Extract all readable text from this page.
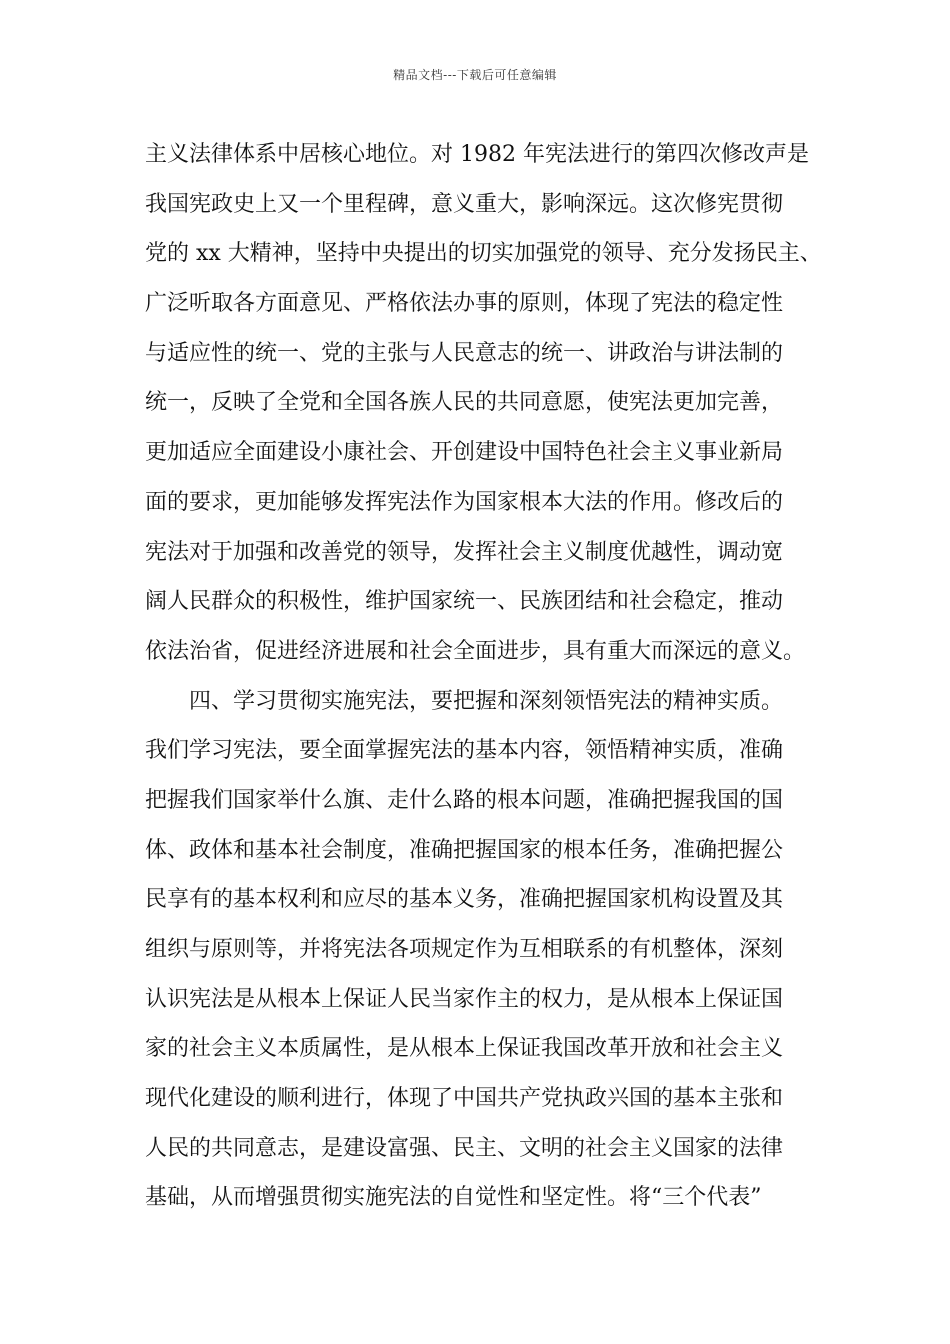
精品文档---下载后可任意编辑
主义法律体系中居核心地位。对 1982 年宪法进行的第四次修改声是
我国宪政史上又一个里程碑，意义重大，影响深远。这次修宪贯彻
党的 xx 大精神，坚持中央提出的切实加强党的领导、充分发扬民主、
广泛听取各方面意见、严格依法办事的原则，体现了宪法的稳定性
与适应性的统一、党的主张与人民意志的统一、讲政治与讲法制的
统一，反映了全党和全国各族人民的共同意愿，使宪法更加完善，
更加适应全面建设小康社会、开创建设中国特色社会主义事业新局
面的要求，更加能够发挥宪法作为国家根本大法的作用。修改后的
宪法对于加强和改善党的领导，发挥社会主义制度优越性，调动宽
阔人民群众的积极性，维护国家统一、民族团结和社会稳定，推动
依法治省，促进经济进展和社会全面进步，具有重大而深远的意义。
四、学习贯彻实施宪法，要把握和深刻领悟宪法的精神实质。
我们学习宪法，要全面掌握宪法的基本内容，领悟精神实质，准确
把握我们国家举什么旗、走什么路的根本问题，准确把握我国的国
体、政体和基本社会制度，准确把握国家的根本任务，准确把握公
民享有的基本权利和应尽的基本义务，准确把握国家机构设置及其
组织与原则等，并将宪法各项规定作为互相联系的有机整体，深刻
认识宪法是从根本上保证人民当家作主的权力，是从根本上保证国
家的社会主义本质属性，是从根本上保证我国改革开放和社会主义
现代化建设的顺利进行，体现了中国共产党执政兴国的基本主张和
人民的共同意志，是建设富强、民主、文明的社会主义国家的法律
基础，从而增强贯彻实施宪法的自觉性和坚定性。将“三个代表”
